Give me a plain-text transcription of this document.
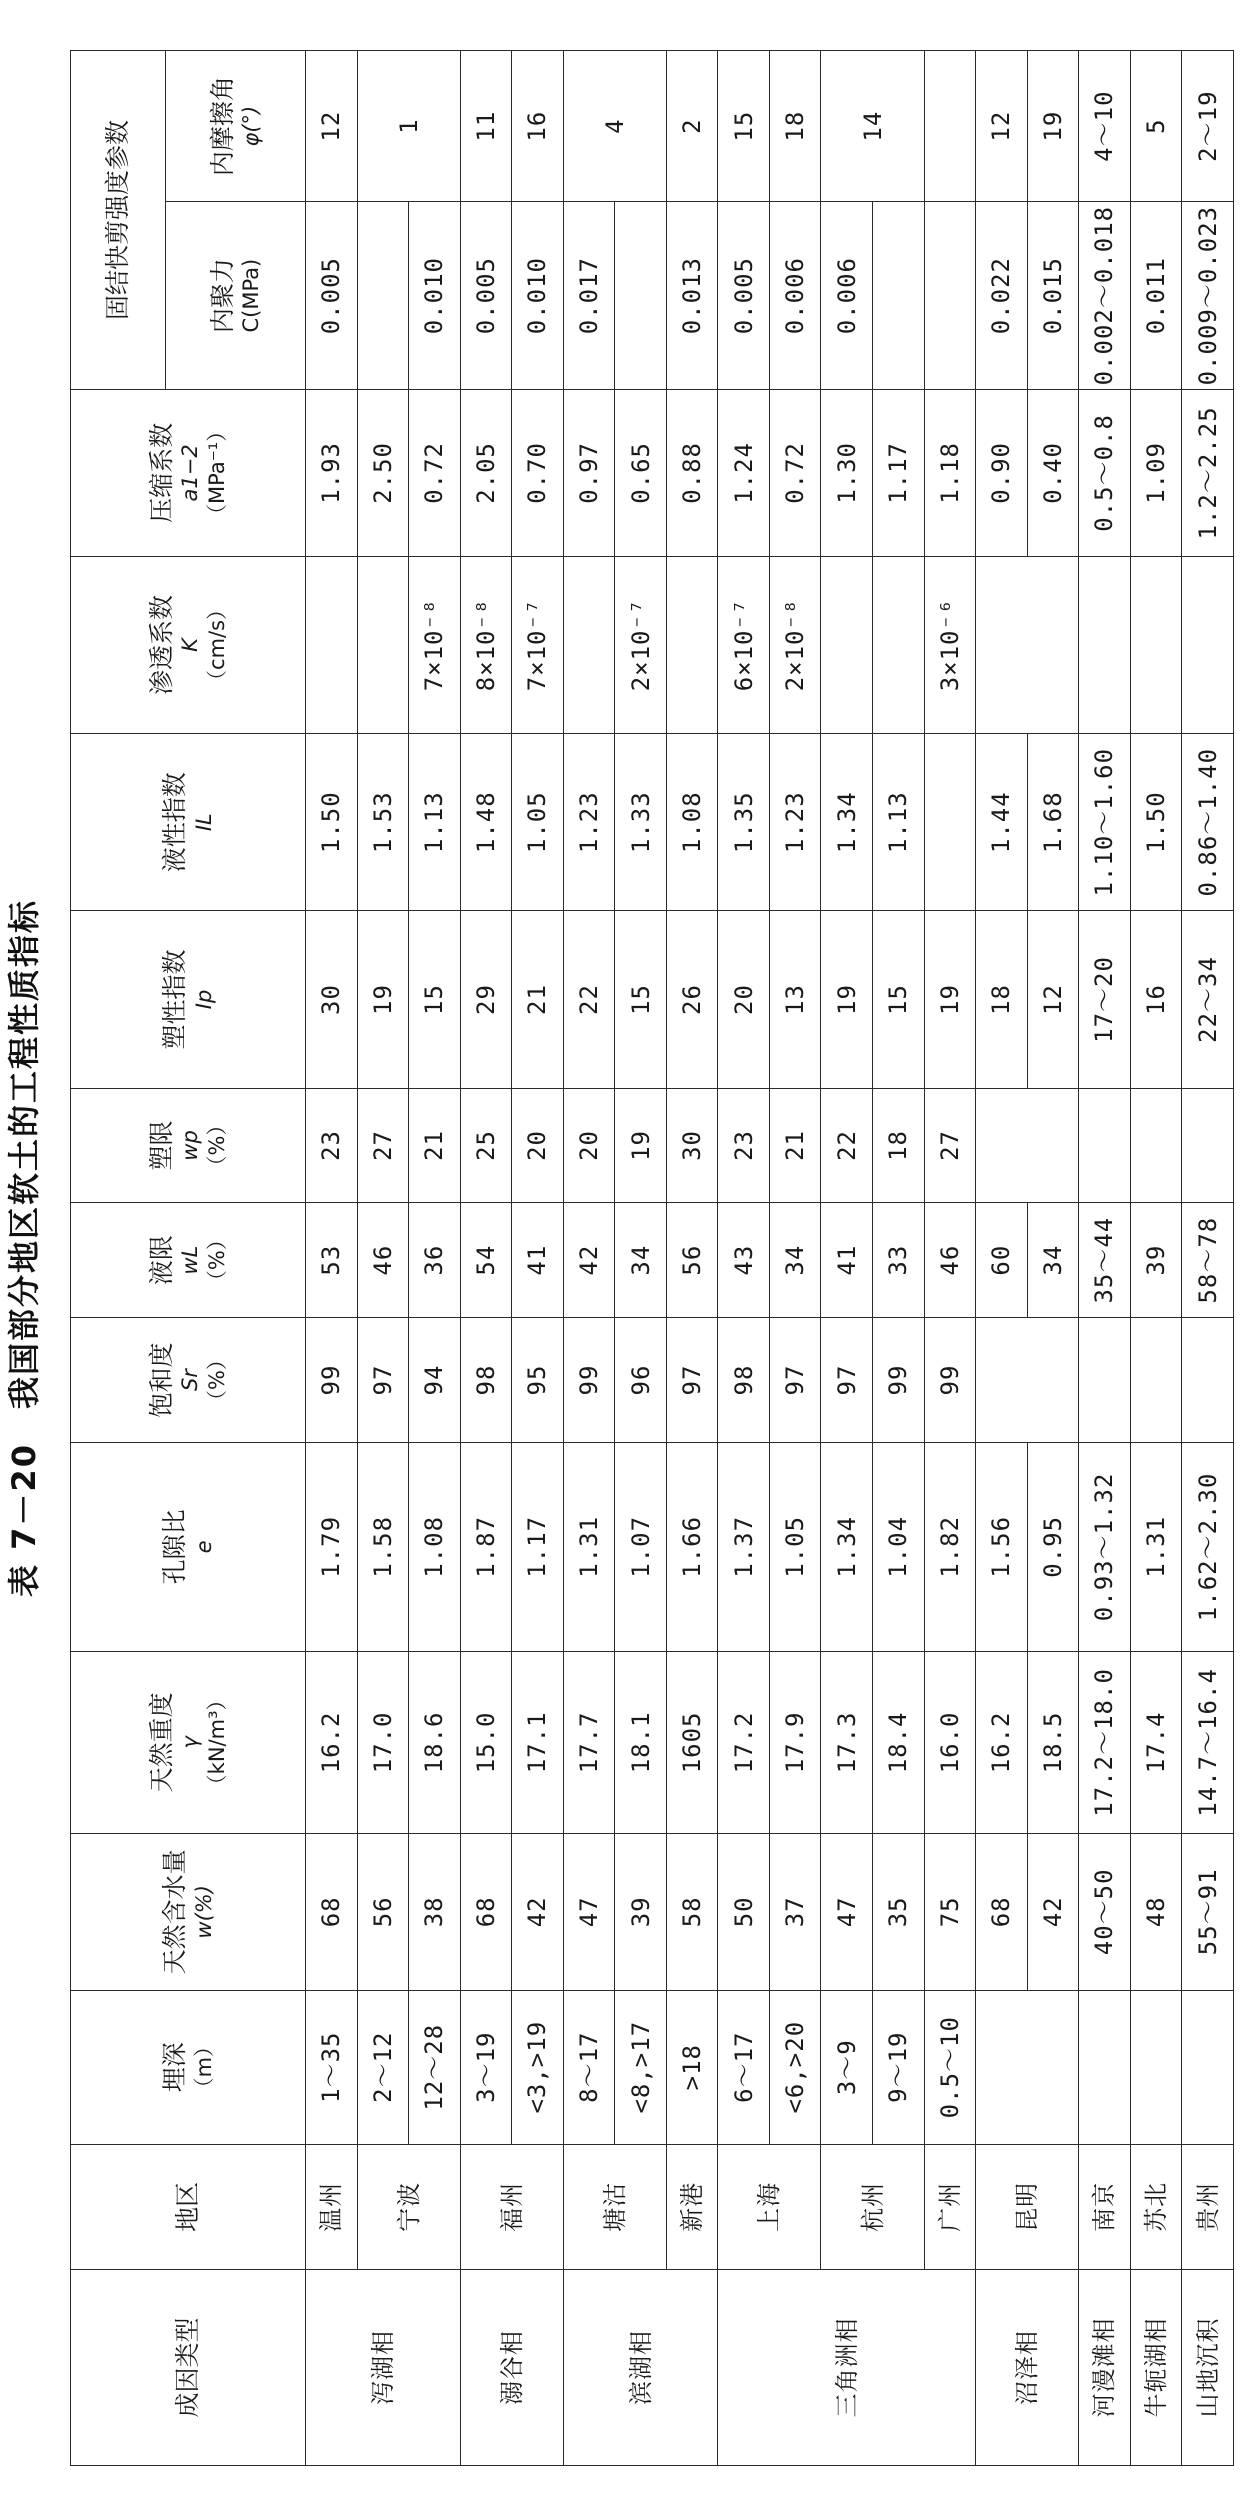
表 7－20　我国部分地区软土的工程性质指标
成因类型	地区	埋深 （m）	天然含水量 w(%)	天然重度 γ （kN/m³）	孔隙比 e	饱和度 Sr （%）	液限 wL （%）	塑限 wp （%）	塑性指数 Ip	液性指数 IL	渗透系数 K （cm/s）	压缩系数 a1−2 （MPa⁻¹）	固结快剪强度参数	
													内聚力 C(MPa)	内摩擦角 φ(°)

泻湖相	温州	1～35	68	16.2	1.79	99	53	23	30	1.50		1.93	0.005	12
	宁波	2～12	56	17.0	1.58	97	46	27	19	1.53		2.50		1
		12～28	38	18.6	1.08	94	36	21	15	1.13	7×10⁻⁸	0.72	0.010	
溺谷相	福州	3～19	68	15.0	1.87	98	54	25	29	1.48	8×10⁻⁸	2.05	0.005	11
		<3,>19	42	17.1	1.17	95	41	20	21	1.05	7×10⁻⁷	0.70	0.010	16
滨湖相	塘沽	8～17	47	17.7	1.31	99	42	20	22	1.23		0.97	0.017	4
		<8,>17	39	18.1	1.07	96	34	19	15	1.33	2×10⁻⁷	0.65		
	新港	>18	58	1605	1.66	97	56	30	26	1.08		0.88	0.013	2
三角洲相	上海	6～17	50	17.2	1.37	98	43	23	20	1.35	6×10⁻⁷	1.24	0.005	15
		<6,>20	37	17.9	1.05	97	34	21	13	1.23	2×10⁻⁸	0.72	0.006	18
	杭州	3～9	47	17.3	1.34	97	41	22	19	1.34		1.30	0.006	14
		9～19	35	18.4	1.04	99	33	18	15	1.13		1.17		
	广州	0.5～10	75	16.0	1.82	99	46	27	19		3×10⁻⁶	1.18		
沼泽相	昆明		68	16.2	1.56		60		18	1.44		0.90	0.022	12
			42	18.5	0.95		34		12	1.68		0.40	0.015	19
河漫滩相	南京		40～50	17.2～18.0	0.93～1.32		35～44		17～20	1.10～1.60		0.5～0.8	0.002～0.018	4～10
牛轭湖相	苏北		48	17.4	1.31		39		16	1.50		1.09	0.011	5
山地沉积	贵州		55～91	14.7～16.4	1.62～2.30		58～78		22～34	0.86～1.40		1.2～2.25	0.009～0.023	2～19
